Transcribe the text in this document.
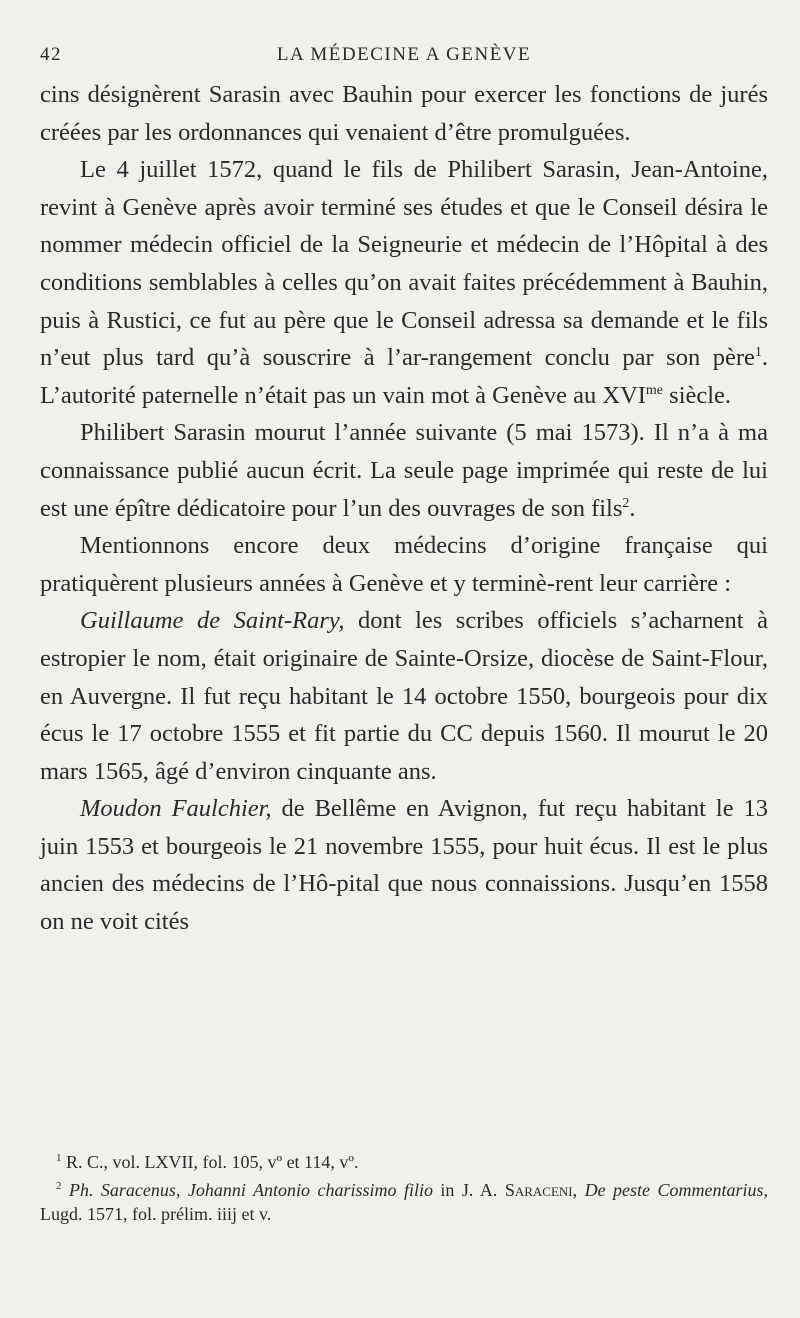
42	LA MÉDECINE A GENÈVE

cins désignèrent Sarasin avec Bauhin pour exercer les fonctions de jurés créées par les ordonnances qui venaient d’être promulguées.

Le 4 juillet 1572, quand le fils de Philibert Sarasin, Jean-Antoine, revint à Genève après avoir terminé ses études et que le Conseil désira le nommer médecin officiel de la Seigneurie et médecin de l’Hôpital à des conditions semblables à celles qu’on avait faites précédemment à Bauhin, puis à Rustici, ce fut au père que le Conseil adressa sa demande et le fils n’eut plus tard qu’à souscrire à l’ar-rangement conclu par son père$^1$. L’autorité paternelle n’était pas un vain mot à Genève au $XVI^{me}$ siècle.

Philibert Sarasin mourut l’année suivante (5 mai 1573). Il n’a à ma connaissance publié aucun écrit. La seule page imprimée qui reste de lui est une épître dédicatoire pour l’un des ouvrages de son fils$^2$.

Mentionnons encore deux médecins d’origine française qui pratiquèrent plusieurs années à Genève et y terminè-rent leur carrière :

Guillaume de Saint-Rary, dont les scribes officiels s’acharnent à estropier le nom, était originaire de Sainte-Orsize, diocèse de Saint-Flour, en Auvergne. Il fut reçu habitant le 14 octobre 1550, bourgeois pour dix écus le 17 octobre 1555 et fit partie du CC depuis 1560. Il mourut le 20 mars 1565, âgé d’environ cinquante ans.

Moudon Faulchier, de Bellême en Avignon, fut reçu habitant le 13 juin 1553 et bourgeois le 21 novembre 1555, pour huit écus. Il est le plus ancien des médecins de l’Hô-pital que nous connaissions. Jusqu’en 1558 on ne voit cités

$^1$ R. C., vol. LXVII, fol. 105, vº et 114, vº.

$^2$ Ph. Saracenus, Johanni Antonio charissimo filio in J. A. Saraceni, De peste Commentarius, Lugd. 1571, fol. prélim. iiij et v.
